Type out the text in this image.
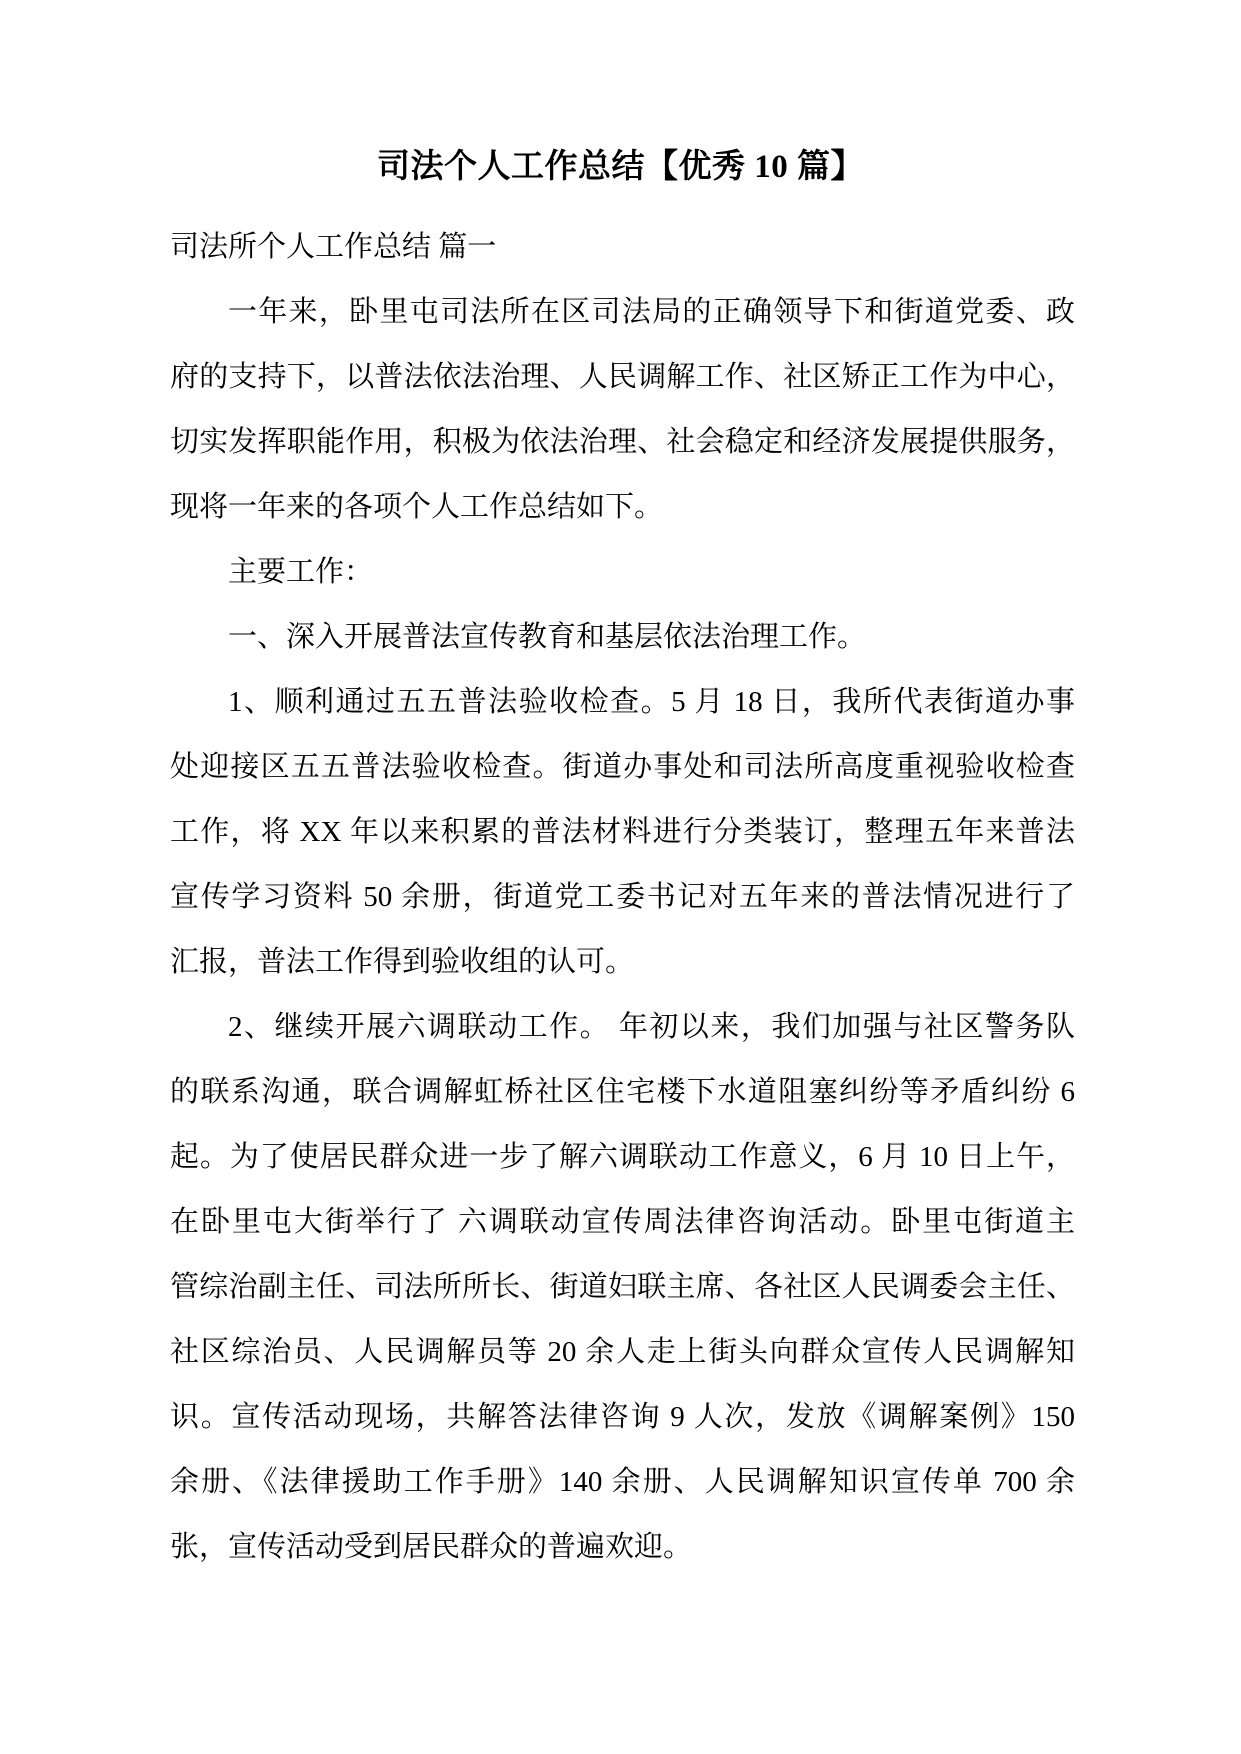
司法个人工作总结【优秀 10 篇】
司法所个人工作总结 篇一
一年来，卧里屯司法所在区司法局的正确领导下和街道党委、政
府的支持下，以普法依法治理、人民调解工作、社区矫正工作为中心，
切实发挥职能作用，积极为依法治理、社会稳定和经济发展提供服务，
现将一年来的各项个人工作总结如下。
主要工作：
一、深入开展普法宣传教育和基层依法治理工作。
1、顺利通过五五普法验收检查。5 月 18 日，我所代表街道办事
处迎接区五五普法验收检查。街道办事处和司法所高度重视验收检查
工作，将 XX 年以来积累的普法材料进行分类装订，整理五年来普法
宣传学习资料 50 余册，街道党工委书记对五年来的普法情况进行了
汇报，普法工作得到验收组的认可。
2、继续开展六调联动工作。 年初以来，我们加强与社区警务队
的联系沟通，联合调解虹桥社区住宅楼下水道阻塞纠纷等矛盾纠纷 6
起。为了使居民群众进一步了解六调联动工作意义，6 月 10 日上午，
在卧里屯大街举行了 六调联动宣传周法律咨询活动。卧里屯街道主
管综治副主任、司法所所长、街道妇联主席、各社区人民调委会主任、
社区综治员、人民调解员等 20 余人走上街头向群众宣传人民调解知
识。宣传活动现场，共解答法律咨询 9 人次，发放《调解案例》150
余册、《法律援助工作手册》140 余册、人民调解知识宣传单 700 余
张，宣传活动受到居民群众的普遍欢迎。
